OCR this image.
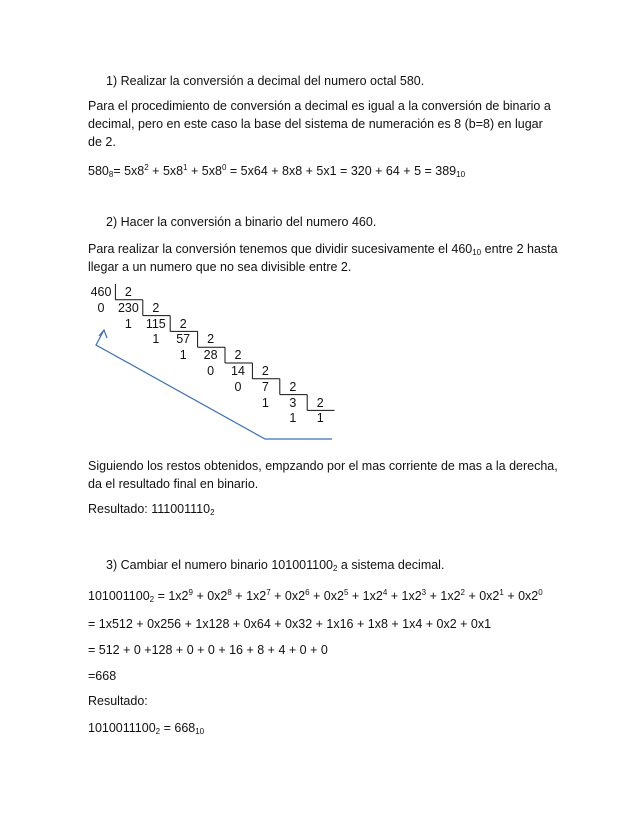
1) Realizar la conversión a decimal del numero octal 580.

Para el procedimiento de conversión a decimal es igual a la conversión de binario a decimal, pero en este caso la base del sistema de numeración es 8 (b=8) en lugar de 2.

$580_8= 5x8^2 + 5x8^1 + 5x8^0 = 5x64 + 8x8 + 5x1 = 320 + 64 + 5 = 389_{10}$

2) Hacer la conversión a binario del numero 460.

Para realizar la conversión tenemos que dividir sucesivamente el $460_{10}$ entre 2 hasta llegar a un numero que no sea divisible entre 2.

460	2
0	230	2
1	115	2
1	57	2
1	28	2
0	14	2
0	7	2
1	3	2
1	1

Siguiendo los restos obtenidos, empzando por el mas corriente de mas a la derecha, da el resultado final en binario.

Resultado: $111001110_2$

3) Cambiar el numero binario $101001100_2$ a sistema decimal.

$101001100_2 = 1x2^9 + 0x2^8 + 1x2^7 + 0x2^6 + 0x2^5 + 1x2^4 + 1x2^3 + 1x2^2 + 0x2^1 + 0x2^0$

= 1x512 + 0x256 + 1x128 + 0x64 + 0x32 + 1x16 + 1x8 + 1x4 + 0x2 + 0x1

= 512 + 0 +128 + 0 + 0 + 16 + 8 + 4 + 0 + 0

=668

Resultado:

$1010011100_2 = 668_{10}$
